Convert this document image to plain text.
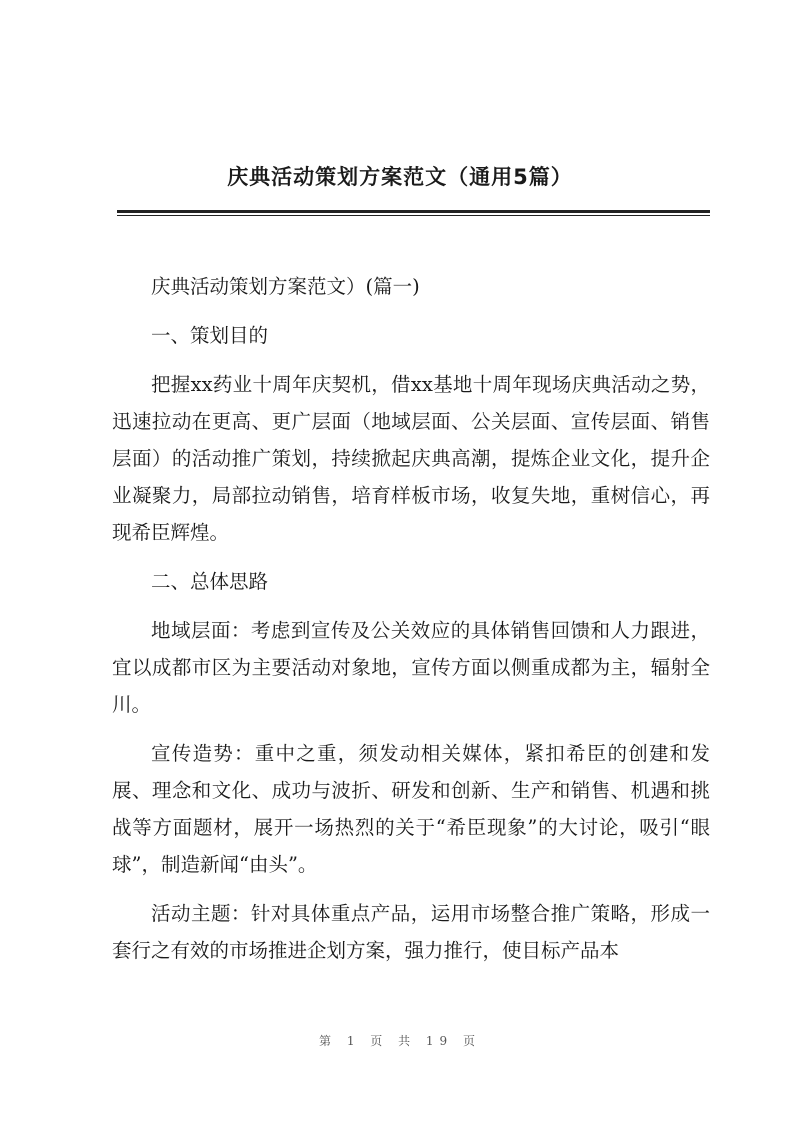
庆典活动策划方案范文（通用5篇）

庆典活动策划方案范文）(篇一)

一、策划目的

把握xx药业十周年庆契机，借xx基地十周年现场庆典活动之势，迅速拉动在更高、更广层面（地域层面、公关层面、宣传层面、销售层面）的活动推广策划，持续掀起庆典高潮，提炼企业文化，提升企业凝聚力，局部拉动销售，培育样板市场，收复失地，重树信心，再现希臣辉煌。

二、总体思路

地域层面：考虑到宣传及公关效应的具体销售回馈和人力跟进，宜以成都市区为主要活动对象地，宣传方面以侧重成都为主，辐射全川。

宣传造势：重中之重，须发动相关媒体，紧扣希臣的创建和发展、理念和文化、成功与波折、研发和创新、生产和销售、机遇和挑战等方面题材，展开一场热烈的关于“希臣现象”的大讨论，吸引“眼球”，制造新闻“由头”。

活动主题：针对具体重点产品，运用市场整合推广策略，形成一套行之有效的市场推进企划方案，强力推行，使目标产品本

第 1 页 共 19 页
